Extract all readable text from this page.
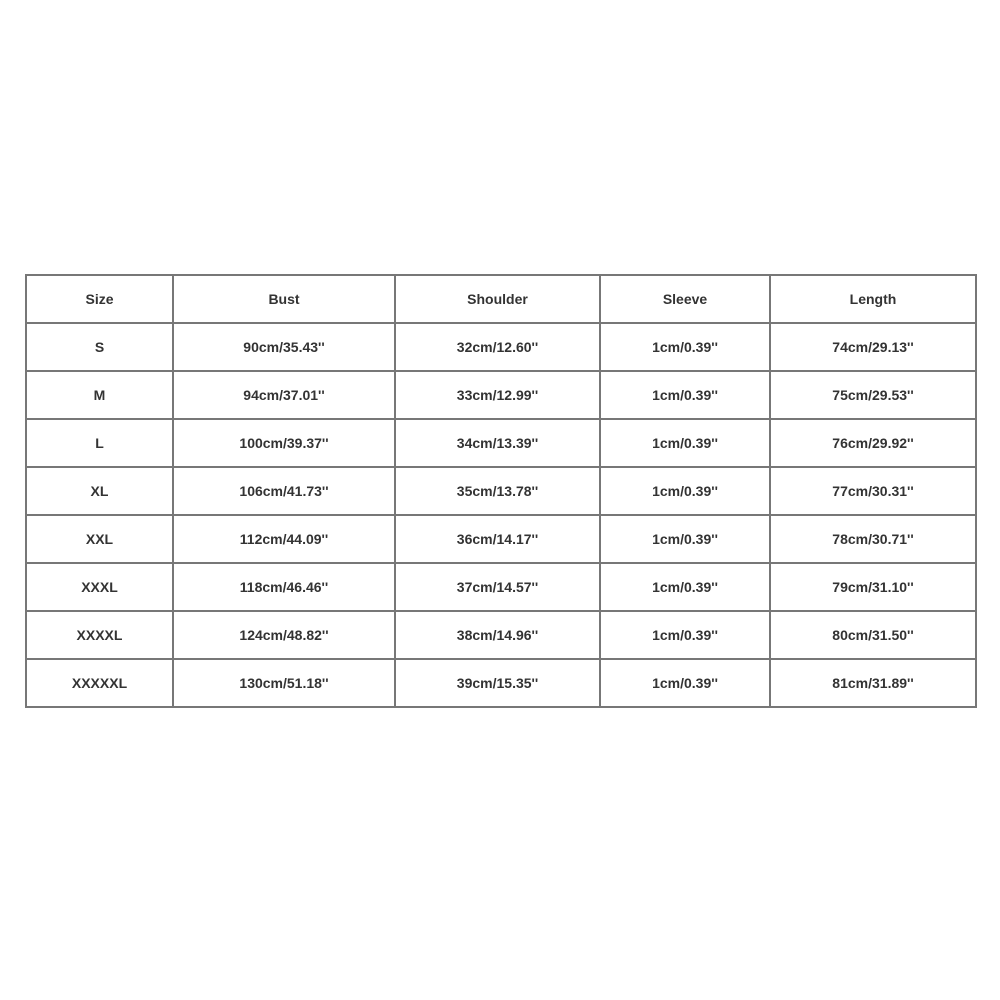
Size	Bust	Shoulder	Sleeve	Length
S	90cm/35.43''	32cm/12.60''	1cm/0.39''	74cm/29.13''
M	94cm/37.01''	33cm/12.99''	1cm/0.39''	75cm/29.53''
L	100cm/39.37''	34cm/13.39''	1cm/0.39''	76cm/29.92''
XL	106cm/41.73''	35cm/13.78''	1cm/0.39''	77cm/30.31''
XXL	112cm/44.09''	36cm/14.17''	1cm/0.39''	78cm/30.71''
XXXL	118cm/46.46''	37cm/14.57''	1cm/0.39''	79cm/31.10''
XXXXL	124cm/48.82''	38cm/14.96''	1cm/0.39''	80cm/31.50''
XXXXXL	130cm/51.18''	39cm/15.35''	1cm/0.39''	81cm/31.89''
